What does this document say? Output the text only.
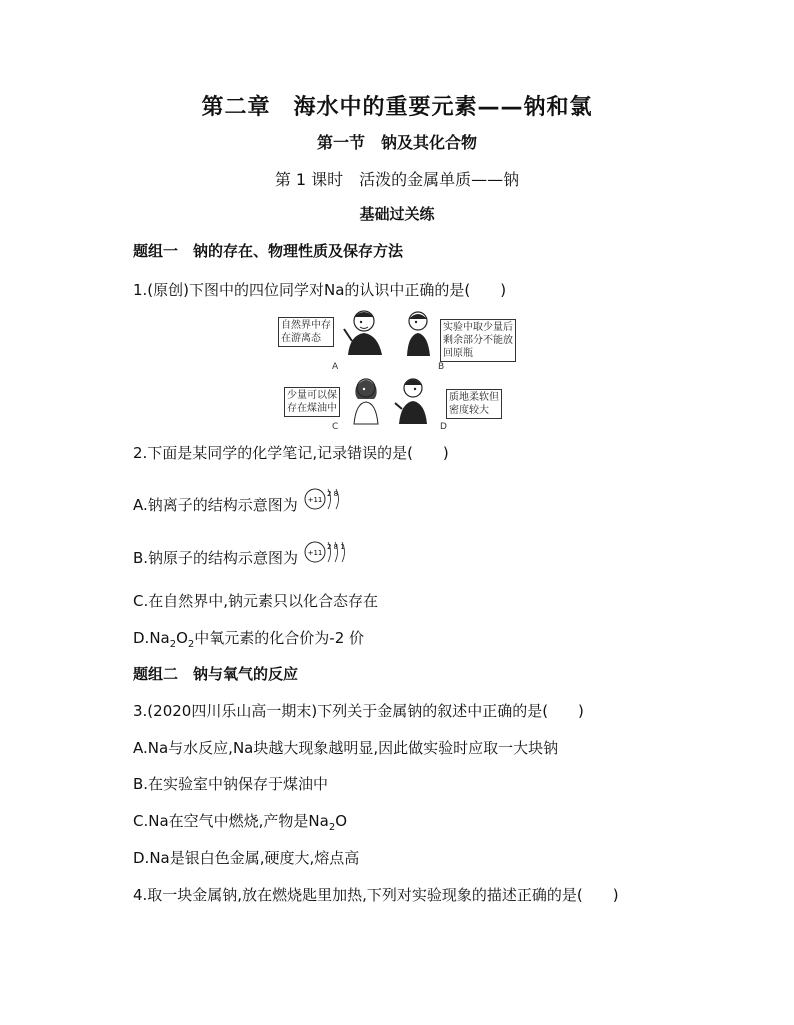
第二章　海水中的重要元素——钠和氯
第一节　钠及其化合物
第 1 课时　活泼的金属单质——钠
基础过关练
题组一　钠的存在、物理性质及保存方法
1.(原创)下图中的四位同学对Na的认识中正确的是(　　)
自然界中存
在游离态
A
实验中取少量后
剩余部分不能放
回原瓶
B
少量可以保
存在煤油中
C
质地柔软但
密度较大
D
2.下面是某同学的化学笔记,记录错误的是(　　)
A.钠离子的结构示意图为 +11
2 8
B.钠原子的结构示意图为 +11
2 8 1
C.在自然界中,钠元素只以化合态存在
$D.Na_2O_2$中氧元素的化合价为-2 价
题组二　钠与氧气的反应
3.(2020四川乐山高一期末)下列关于金属钠的叙述中正确的是(　　)
A.Na与水反应,Na块越大现象越明显,因此做实验时应取一大块钠
B.在实验室中钠保存于煤油中
C.Na在空气中燃烧,产物是$Na_2O$
D.Na是银白色金属,硬度大,熔点高
4.取一块金属钠,放在燃烧匙里加热,下列对实验现象的描述正确的是(　　)
